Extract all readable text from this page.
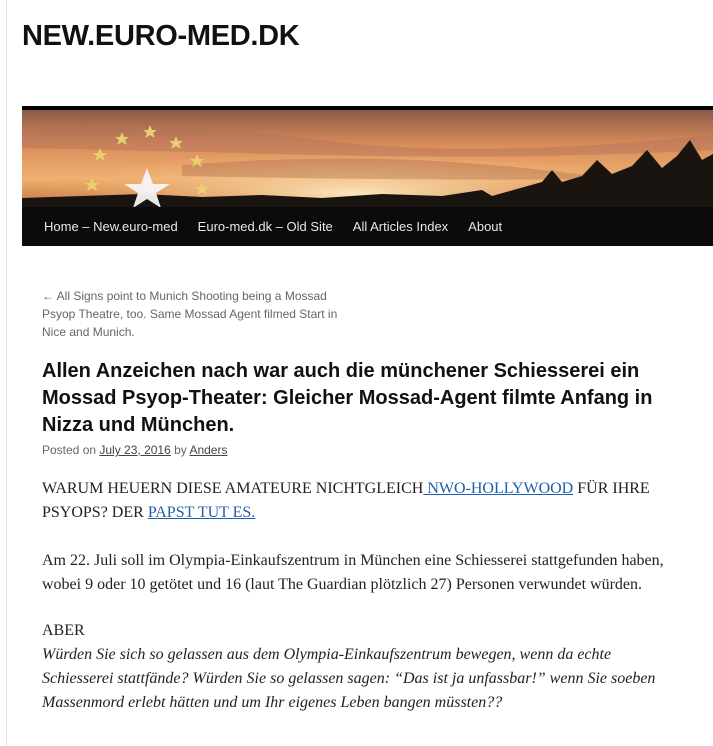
NEW.EURO-MED.DK
Home – New.euro-med	Euro-med.dk – Old Site	All Articles Index	About
← All Signs point to Munich Shooting being a Mossad Psyop Theatre, too. Same Mossad Agent filmed Start in Nice and Munich.
Allen Anzeichen nach war auch die münchener Schiesserei ein Mossad Psyop-Theater: Gleicher Mossad-Agent filmte Anfang in Nizza und München.
Posted on July 23, 2016 by Anders

WARUM HEUERN DIESE AMATEURE NICHTGLEICH NWO-HOLLYWOOD FÜR IHRE PSYOPS? DER PAPST TUT ES.

Am 22. Juli soll im Olympia-Einkaufszentrum in München eine Schiesserei stattgefunden haben, wobei 9 oder 10 getötet und 16 (laut The Guardian plötzlich 27) Personen verwundet würden.

ABER

Würden Sie sich so gelassen aus dem Olympia-Einkaufszentrum bewegen, wenn da echte Schiesserei stattfände? Würden Sie so gelassen sagen: “Das ist ja unfassbar!” wenn Sie soeben Massenmord erlebt hätten und um Ihr eigenes Leben bangen müssten??
